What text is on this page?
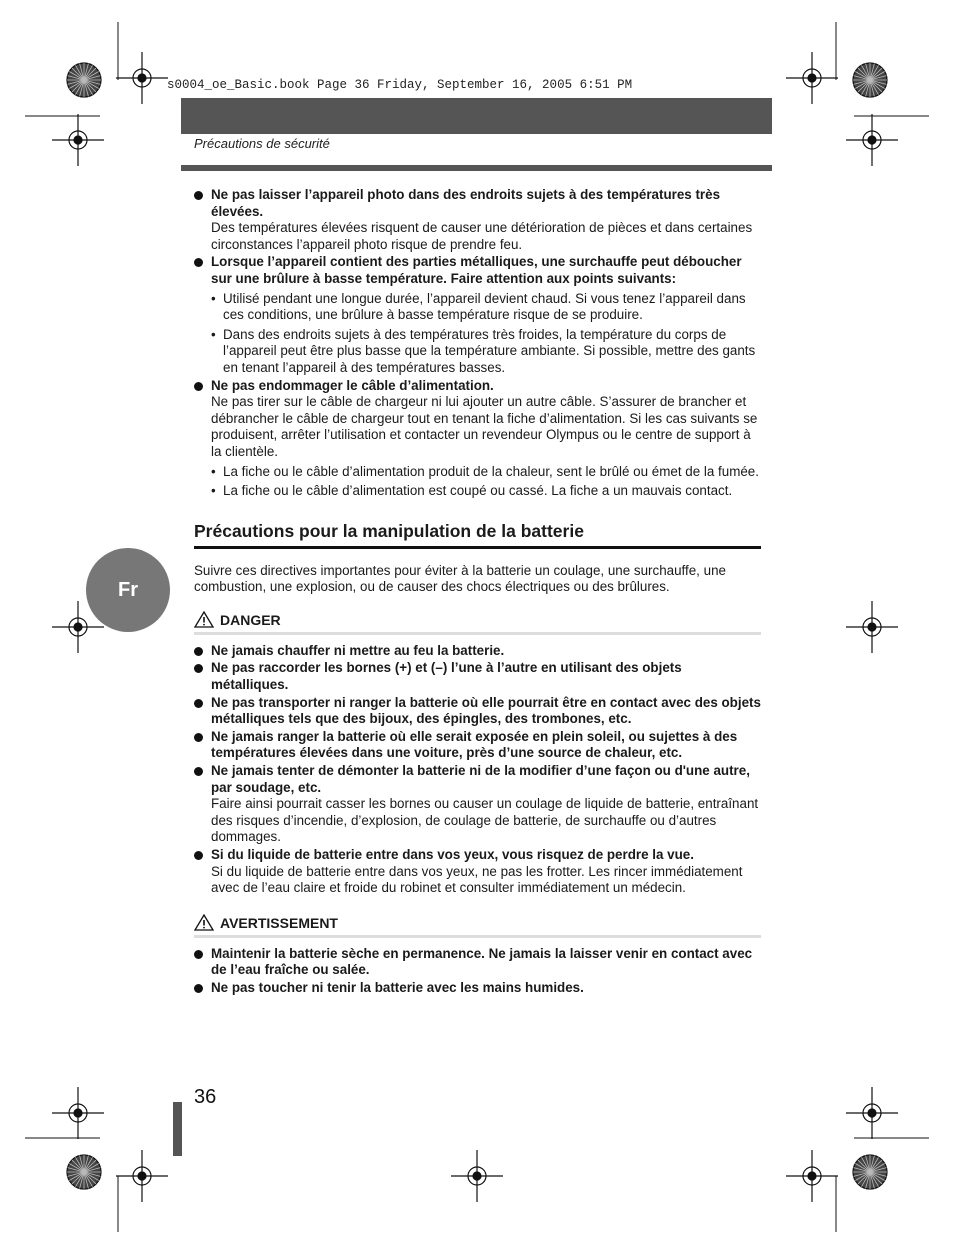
s0004_oe_Basic.book Page 36 Friday, September 16, 2005 6:51 PM
Précautions de sécurité
Fr
Ne pas laisser l’appareil photo dans des endroits sujets à des températures très élevées.
Des températures élevées risquent de causer une détérioration de pièces et dans certaines circonstances l’appareil photo risque de prendre feu.
Lorsque l’appareil contient des parties métalliques, une surchauffe peut déboucher sur une brûlure à basse température. Faire attention aux points suivants:
• Utilisé pendant une longue durée, l’appareil devient chaud. Si vous tenez l’appareil dans ces conditions, une brûlure à basse température risque de se produire.
• Dans des endroits sujets à des températures très froides, la température du corps de l’appareil peut être plus basse que la température ambiante. Si possible, mettre des gants en tenant l’appareil à des températures basses.
Ne pas endommager le câble d’alimentation.
Ne pas tirer sur le câble de chargeur ni lui ajouter un autre câble. S’assurer de brancher et débrancher le câble de chargeur tout en tenant la fiche d’alimentation. Si les cas suivants se produisent, arrêter l’utilisation et contacter un revendeur Olympus ou le centre de support à la clientèle.
• La fiche ou le câble d’alimentation produit de la chaleur, sent le brûlé ou émet de la fumée.
• La fiche ou le câble d’alimentation est coupé ou cassé. La fiche a un mauvais contact.
Précautions pour la manipulation de la batterie
Suivre ces directives importantes pour éviter à la batterie un coulage, une surchauffe, une combustion, une explosion, ou de causer des chocs électriques ou des brûlures.
DANGER
Ne jamais chauffer ni mettre au feu la batterie.
Ne pas raccorder les bornes (+) et (–) l’une à l’autre en utilisant des objets métalliques.
Ne pas transporter ni ranger la batterie où elle pourrait être en contact avec des objets métalliques tels que des bijoux, des épingles, des trombones, etc.
Ne jamais ranger la batterie où elle serait exposée en plein soleil, ou sujettes à des températures élevées dans une voiture, près d’une source de chaleur, etc.
Ne jamais tenter de démonter la batterie ni de la modifier d’une façon ou d'une autre, par soudage, etc.
Faire ainsi pourrait casser les bornes ou causer un coulage de liquide de batterie, entraînant des risques d’incendie, d’explosion, de coulage de batterie, de surchauffe ou d’autres dommages.
Si du liquide de batterie entre dans vos yeux, vous risquez de perdre la vue.
Si du liquide de batterie entre dans vos yeux, ne pas les frotter. Les rincer immédiatement avec de l’eau claire et froide du robinet et consulter immédiatement un médecin.
AVERTISSEMENT
Maintenir la batterie sèche en permanence. Ne jamais la laisser venir en contact avec de l’eau fraîche ou salée.
Ne pas toucher ni tenir la batterie avec les mains humides.
36
